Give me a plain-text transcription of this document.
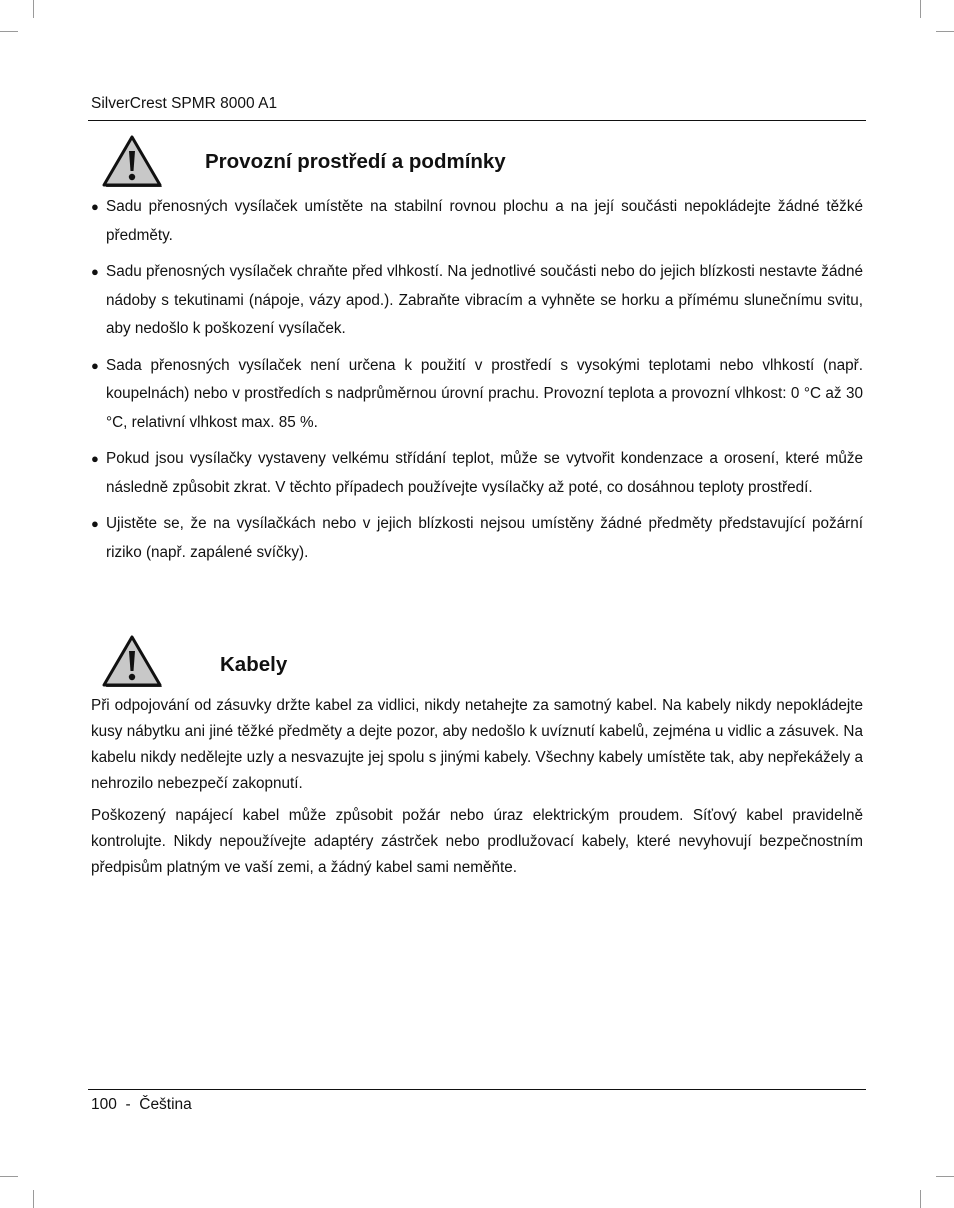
SilverCrest SPMR 8000 A1
Provozní prostředí a podmínky
● Sadu přenosných vysílaček umístěte na stabilní rovnou plochu a na její součásti nepokládejte žádné těžké předměty.
● Sadu přenosných vysílaček chraňte před vlhkostí. Na jednotlivé součásti nebo do jejich blízkosti nestavte žádné nádoby s tekutinami (nápoje, vázy apod.). Zabraňte vibracím a vyhněte se horku a přímému slunečnímu svitu, aby nedošlo k poškození vysílaček.
● Sada přenosných vysílaček není určena k použití v prostředí s vysokými teplotami nebo vlhkostí (např. koupelnách) nebo v prostředích s nadprůměrnou úrovní prachu. Provozní teplota a provozní vlhkost: 0 °C až 30 °C, relativní vlhkost max. 85 %.
● Pokud jsou vysílačky vystaveny velkému střídání teplot, může se vytvořit kondenzace a orosení, které může následně způsobit zkrat. V těchto případech používejte vysílačky až poté, co dosáhnou teploty prostředí.
● Ujistěte se, že na vysílačkách nebo v jejich blízkosti nejsou umístěny žádné předměty představující požární riziko (např. zapálené svíčky).
Kabely

Při odpojování od zásuvky držte kabel za vidlici, nikdy netahejte za samotný kabel. Na kabely nikdy nepokládejte kusy nábytku ani jiné těžké předměty a dejte pozor, aby nedošlo k uvíznutí kabelů, zejména u vidlic a zásuvek. Na kabelu nikdy nedělejte uzly a nesvazujte jej spolu s jinými kabely. Všechny kabely umístěte tak, aby nepřekážely a nehrozilo nebezpečí zakopnutí.

Poškozený napájecí kabel může způsobit požár nebo úraz elektrickým proudem. Síťový kabel pravidelně kontrolujte. Nikdy nepoužívejte adaptéry zástrček nebo prodlužovací kabely, které nevyhovují bezpečnostním předpisům platným ve vaší zemi, a žádný kabel sami neměňte.

100  -  Čeština
